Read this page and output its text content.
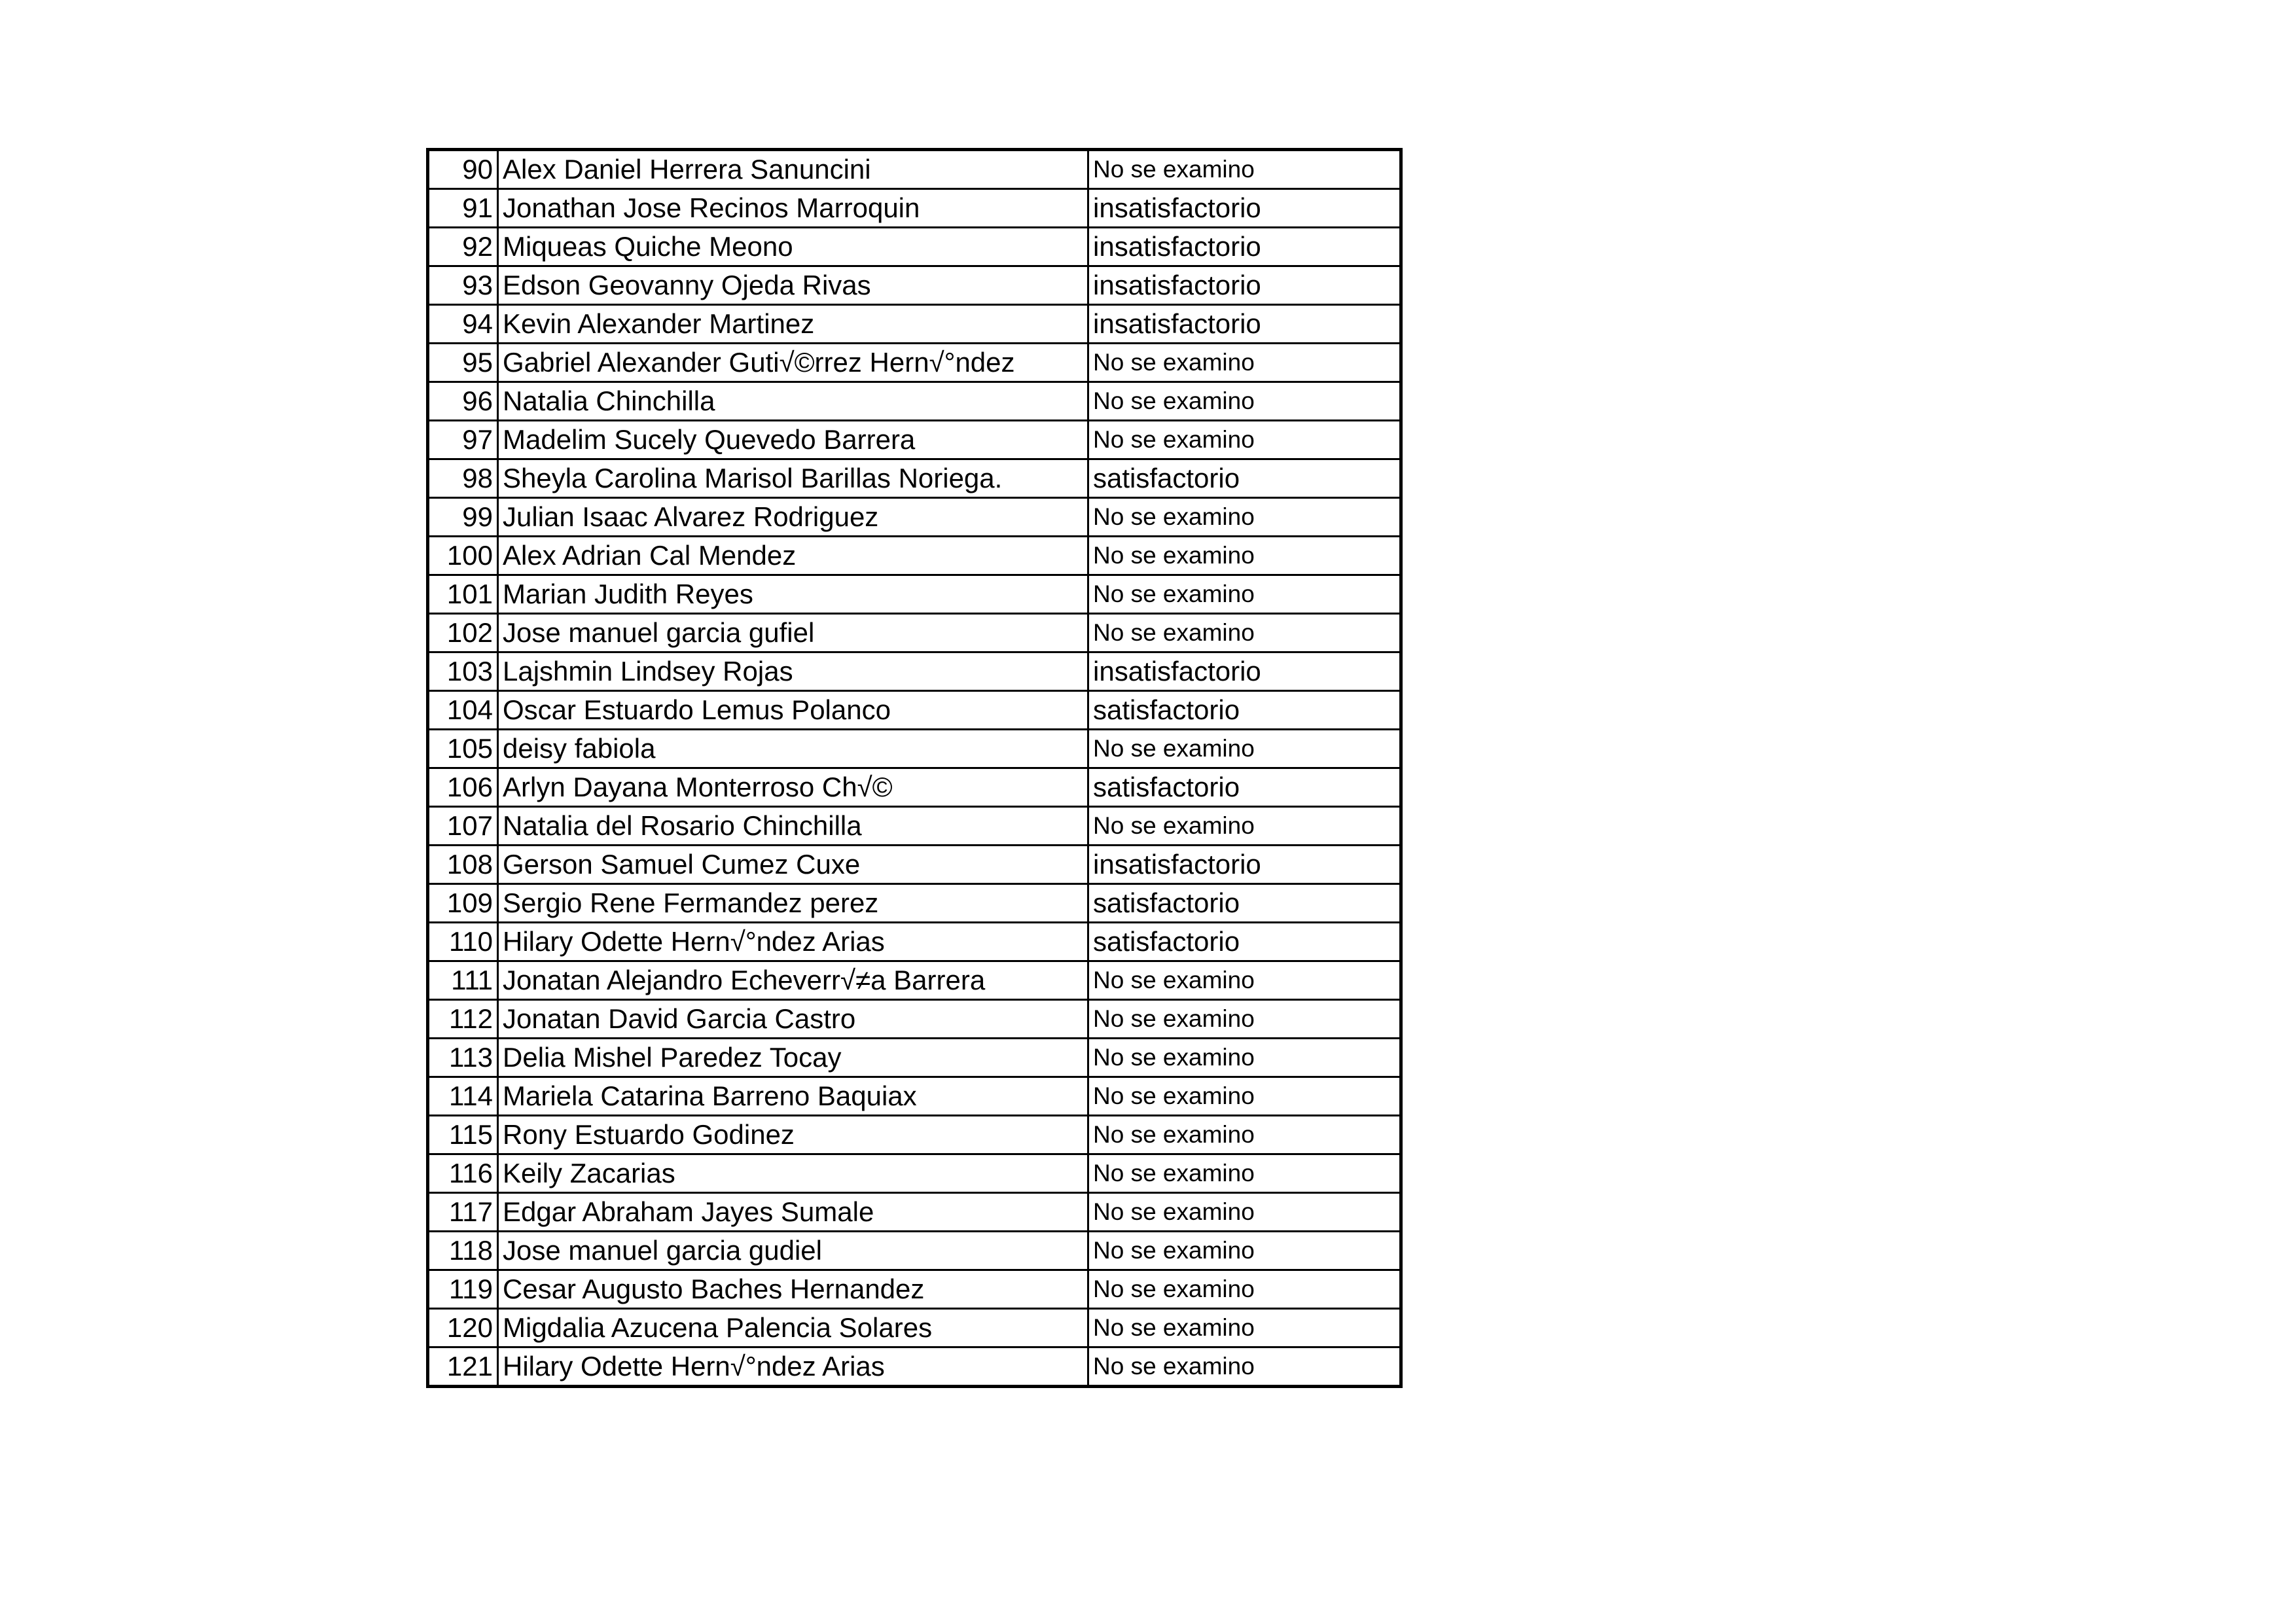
90	Alex Daniel Herrera Sanuncini	No se examino
91	Jonathan Jose Recinos Marroquin	insatisfactorio
92	Miqueas Quiche Meono	insatisfactorio
93	Edson Geovanny Ojeda Rivas	insatisfactorio
94	Kevin Alexander Martinez	insatisfactorio
95	Gabriel Alexander Guti√©rrez Hern√°ndez	No se examino
96	Natalia Chinchilla	No se examino
97	Madelim Sucely Quevedo Barrera	No se examino
98	Sheyla Carolina Marisol Barillas Noriega.	satisfactorio
99	Julian Isaac Alvarez Rodriguez	No se examino
100	Alex Adrian Cal Mendez	No se examino
101	Marian Judith Reyes	No se examino
102	Jose manuel garcia gufiel	No se examino
103	Lajshmin Lindsey Rojas	insatisfactorio
104	Oscar Estuardo Lemus Polanco	satisfactorio
105	deisy fabiola	No se examino
106	Arlyn Dayana Monterroso Ch√©	satisfactorio
107	Natalia del Rosario Chinchilla	No se examino
108	Gerson Samuel Cumez Cuxe	insatisfactorio
109	Sergio Rene Fermandez perez	satisfactorio
110	Hilary Odette Hern√°ndez Arias	satisfactorio
111	Jonatan Alejandro Echeverr√≠a Barrera	No se examino
112	Jonatan David Garcia Castro	No se examino
113	Delia Mishel Paredez Tocay	No se examino
114	Mariela Catarina Barreno Baquiax	No se examino
115	Rony Estuardo Godinez	No se examino
116	Keily Zacarias	No se examino
117	Edgar Abraham Jayes Sumale	No se examino
118	Jose manuel garcia gudiel	No se examino
119	Cesar Augusto Baches Hernandez	No se examino
120	Migdalia Azucena Palencia Solares	No se examino
121	Hilary Odette Hern√°ndez Arias	No se examino
